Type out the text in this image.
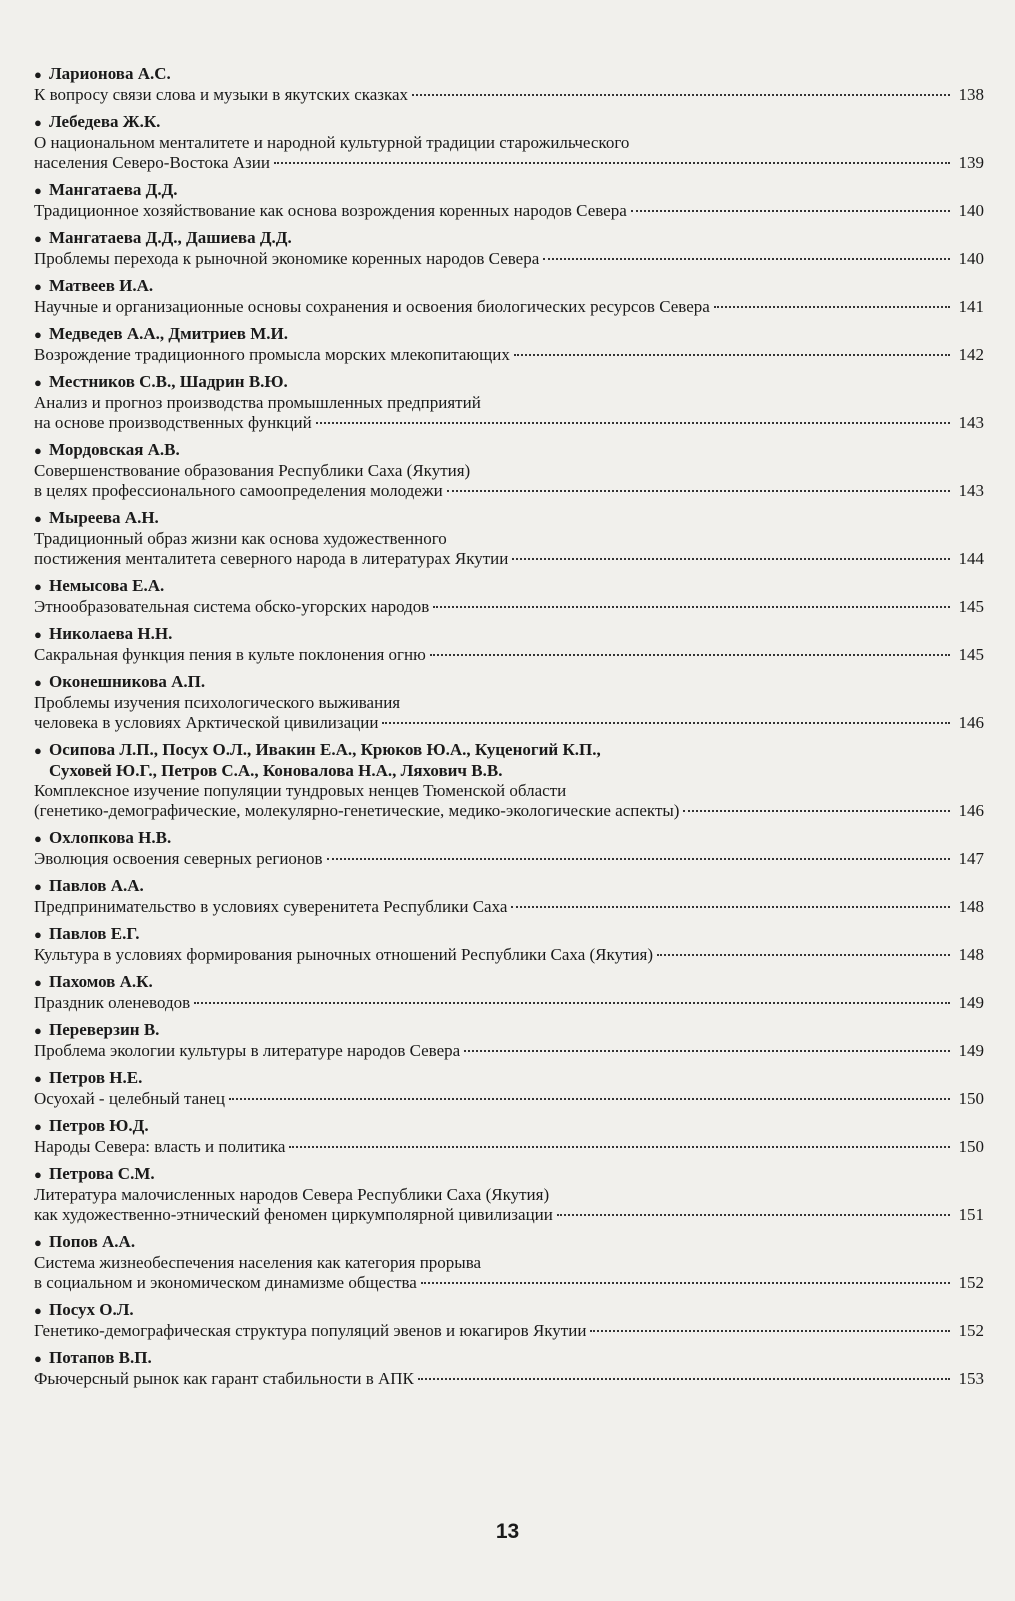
● Ларионова А.С.
К вопросу связи слова и музыки в якутских сказках	138
● Лебедева Ж.К.
О национальном менталитете и народной культурной традиции старожильческого
населения Северо-Востока Азии	139
● Мангатаева Д.Д.
Традиционное хозяйствование как основа возрождения коренных народов Севера	140
● Мангатаева Д.Д., Дашиева Д.Д.
Проблемы перехода к рыночной экономике коренных народов Севера	140
● Матвеев И.А.
Научные и организационные основы сохранения и освоения биологических ресурсов Севера	141
● Медведев А.А., Дмитриев М.И.
Возрождение традиционного промысла морских млекопитающих	142
● Местников С.В., Шадрин В.Ю.
Анализ и прогноз производства промышленных предприятий
на основе производственных функций	143
● Мордовская А.В.
Совершенствование образования Республики Саха (Якутия)
в целях профессионального самоопределения молодежи	143
● Мыреева А.Н.
Традиционный образ жизни как основа художественного
постижения менталитета северного народа в литературах Якутии	144
● Немысова Е.А.
Этнообразовательная система обско-угорских народов	145
● Николаева Н.Н.
Сакральная функция пения в культе поклонения огню	145
● Оконешникова А.П.
Проблемы изучения психологического выживания
человека в условиях Арктической цивилизации	146
● Осипова Л.П., Посух О.Л., Ивакин Е.А., Крюков Ю.А., Куценогий К.П.,
Суховей Ю.Г., Петров С.А., Коновалова Н.А., Ляхович В.В.
Комплексное изучение популяции тундровых ненцев Тюменской области
(генетико-демографические, молекулярно-генетические, медико-экологические аспекты)	146
● Охлопкова Н.В.
Эволюция освоения северных регионов	147
● Павлов А.А.
Предпринимательство в условиях суверенитета Республики Саха	148
● Павлов Е.Г.
Культура в условиях формирования рыночных отношений Республики Саха (Якутия)	148
● Пахомов А.К.
Праздник оленеводов	149
● Переверзин В.
Проблема экологии культуры в литературе народов Севера	149
● Петров Н.Е.
Осуохай - целебный танец	150
● Петров Ю.Д.
Народы Севера: власть и политика	150
● Петрова С.М.
Литература малочисленных народов Севера Республики Саха (Якутия)
как художественно-этнический феномен циркумполярной цивилизации	151
● Попов А.А.
Система жизнеобеспечения населения как категория прорыва
в социальном и экономическом динамизме общества	152
● Посух О.Л.
Генетико-демографическая структура популяций эвенов и юкагиров Якутии	152
● Потапов В.П.
Фьючерсный рынок как гарант стабильности в АПК	153
13
